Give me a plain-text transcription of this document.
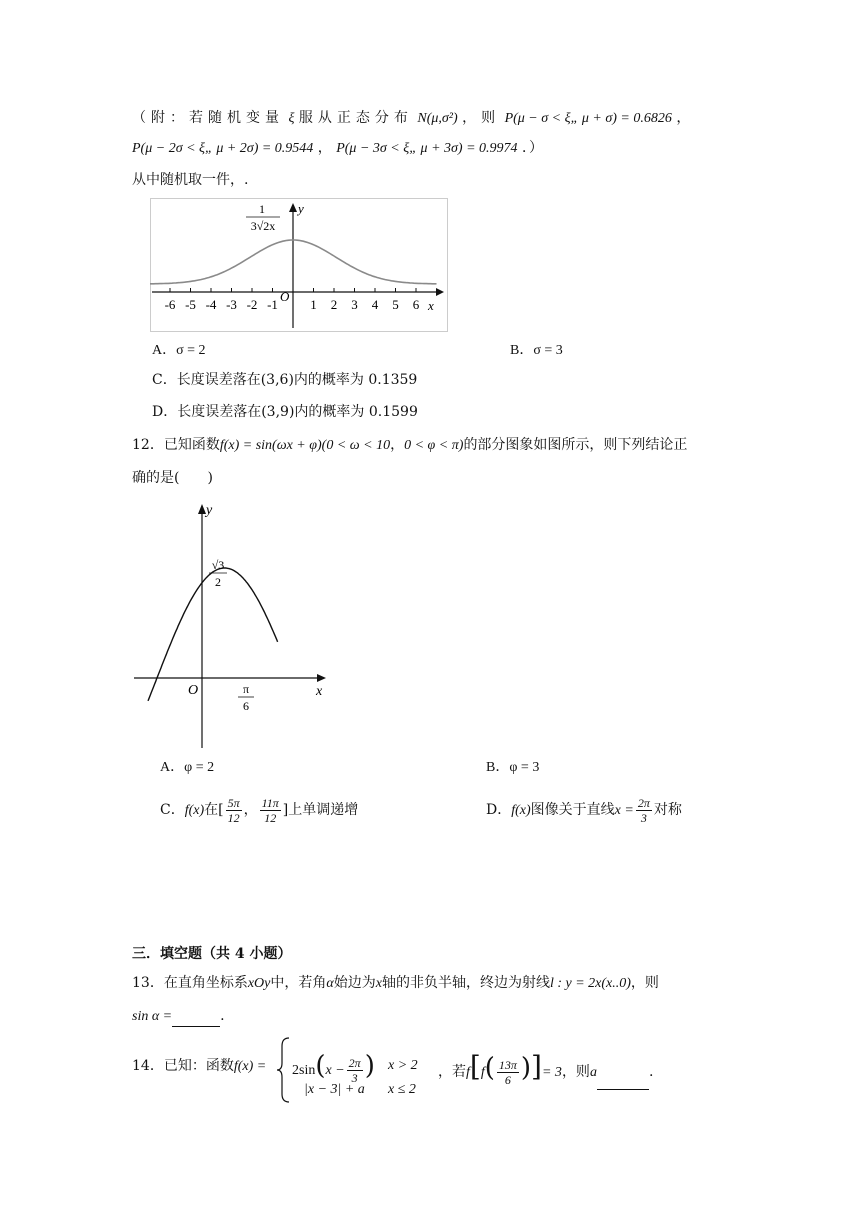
（附：若随机变量 ξ 服从正态分布 N(μ,σ²) ，则 P(μ − σ < ξ„ μ + σ) = 0.6826 ，
P(μ − 2σ < ξ„ μ + 2σ) = 0.9544 ， P(μ − 3σ < ξ„ μ + 3σ) = 0.9974 ．）
从中随机取一件，.
-6 -5 -4 -3 -2 -1 1 2 3 4 5 6
O
x
y
1
3√2x
A．σ = 2	B．σ = 3
C．长度误差落在(3,6)内的概率为 0.1359
D．长度误差落在(3,9)内的概率为 0.1599
12．已知函数f(x) = sin(ωx + φ)(0 < ω < 10，0 < φ < π)的部分图象如图所示，则下列结论正
确的是(　　)
y
x
O
√3
2
π
6
A．φ = 2	B．φ = 3
C．f(x)在[ $\frac{5\pi}{12}$ ， $\frac{11\pi}{12}$ ]上单调递增	D．f(x)图像关于直线$x = \frac{2\pi}{3}$ 对称
三．填空题（共 4 小题）
13．在直角坐标系xOy中，若角α始边为x轴的非负半轴，终边为射线l : y = 2x(x..0)，则
sin α =	.
14．已知：函数$f(x) = 2\sin(x - \frac{2\pi}{3}$ ) x > 2
|x − 3| + a x ≤ 2
，若$f[f( \frac{13\pi}{6}$ )]= 3，则a	.
